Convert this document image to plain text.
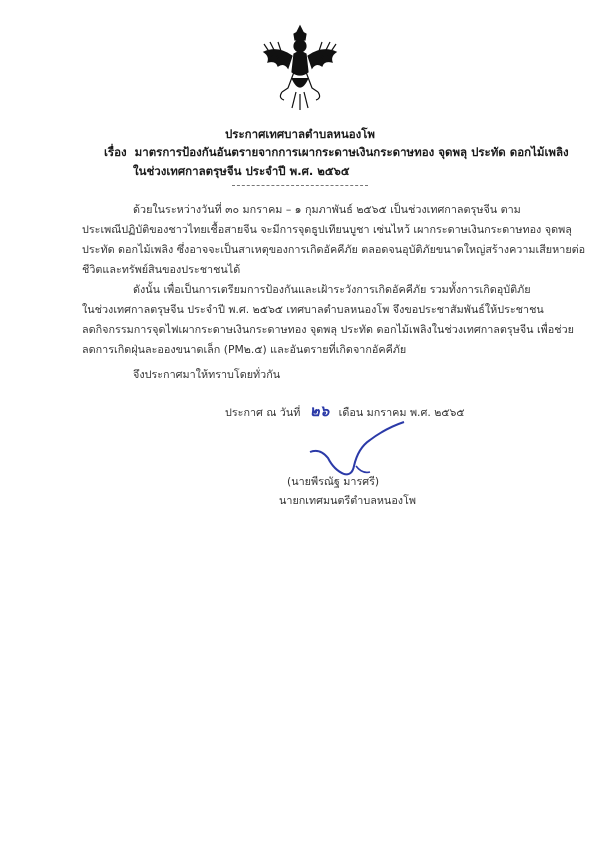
ประกาศเทศบาลตำบลหนองโพ
เรื่อง มาตรการป้องกันอันตรายจากการเผากระดาษเงินกระดาษทอง จุดพลุ ประทัด ดอกไม้เพลิง
ในช่วงเทศกาลตรุษจีน ประจำปี พ.ศ. ๒๕๖๕
ด้วยในระหว่างวันที่ ๓๐ มกราคม – ๑ กุมภาพันธ์ ๒๕๖๕ เป็นช่วงเทศกาลตรุษจีน ตาม
ประเพณีปฏิบัติของชาวไทยเชื้อสายจีน จะมีการจุดธูปเทียนบูชา เซ่นไหว้ เผากระดาษเงินกระดาษทอง จุดพลุ
ประทัด ดอกไม้เพลิง ซึ่งอาจจะเป็นสาเหตุของการเกิดอัคคีภัย ตลอดจนอุบัติภัยขนาดใหญ่สร้างความเสียหายต่อ
ชีวิตและทรัพย์สินของประชาชนได้
ดังนั้น เพื่อเป็นการเตรียมการป้องกันและเฝ้าระวังการเกิดอัคคีภัย รวมทั้งการเกิดอุบัติภัย
ในช่วงเทศกาลตรุษจีน ประจำปี พ.ศ. ๒๕๖๕ เทศบาลตำบลหนองโพ จึงขอประชาสัมพันธ์ให้ประชาชน
ลดกิจกรรมการจุดไฟเผากระดาษเงินกระดาษทอง จุดพลุ ประทัด ดอกไม้เพลิงในช่วงเทศกาลตรุษจีน เพื่อช่วย
ลดการเกิดฝุ่นละอองขนาดเล็ก (PM๒.๕) และอันตรายที่เกิดจากอัคคีภัย
จึงประกาศมาให้ทราบโดยทั่วกัน
ประกาศ ณ วันที่ ๒๖ เดือน มกราคม พ.ศ. ๒๕๖๕
(นายพีรณัฐ มารศรี)
นายกเทศมนตรีตำบลหนองโพ
